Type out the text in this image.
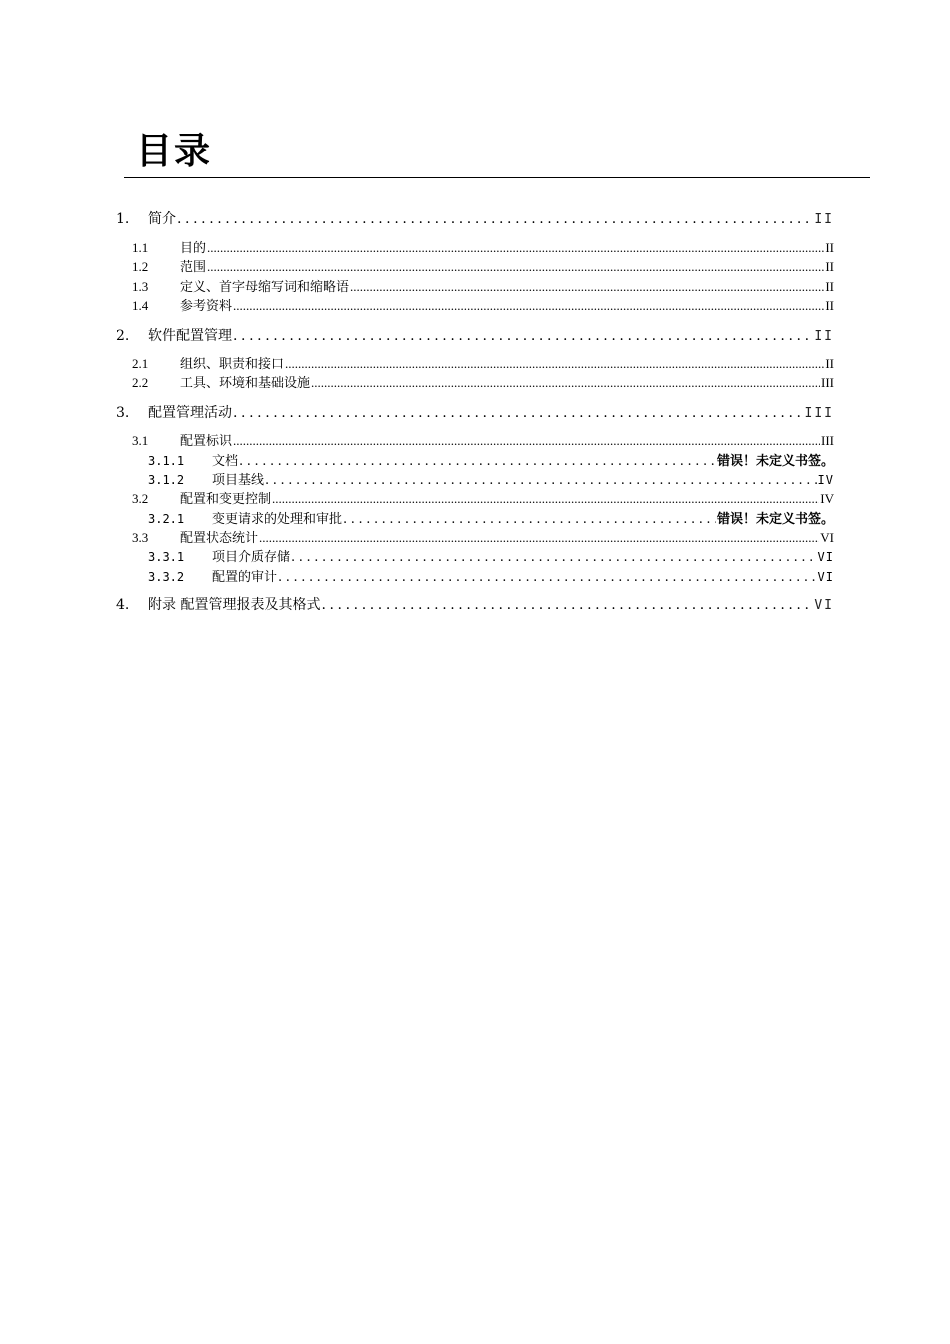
目录
1.	简介 .....	II
1.1	目的 .....	II
1.2	范围 .....	II
1.3	定义、首字母缩写词和缩略语 .....	II
1.4	参考资料 .....	II
2.	软件配置管理 .....	II
2.1	组织、职责和接口 .....	II
2.2	工具、环境和基础设施 .....	III
3.	配置管理活动 .....	III
3.1	配置标识 .....	III
3.1.1	文档 .....	错误！未定义书签。
3.1.2	项目基线 .....	IV
3.2	配置和变更控制 .....	IV
3.2.1	变更请求的处理和审批 .....	错误！未定义书签。
3.3	配置状态统计 .....	VI
3.3.1	项目介质存储 .....	VI
3.3.2	配置的审计 .....	VI
4.	附录 配置管理报表及其格式 .....	VI
